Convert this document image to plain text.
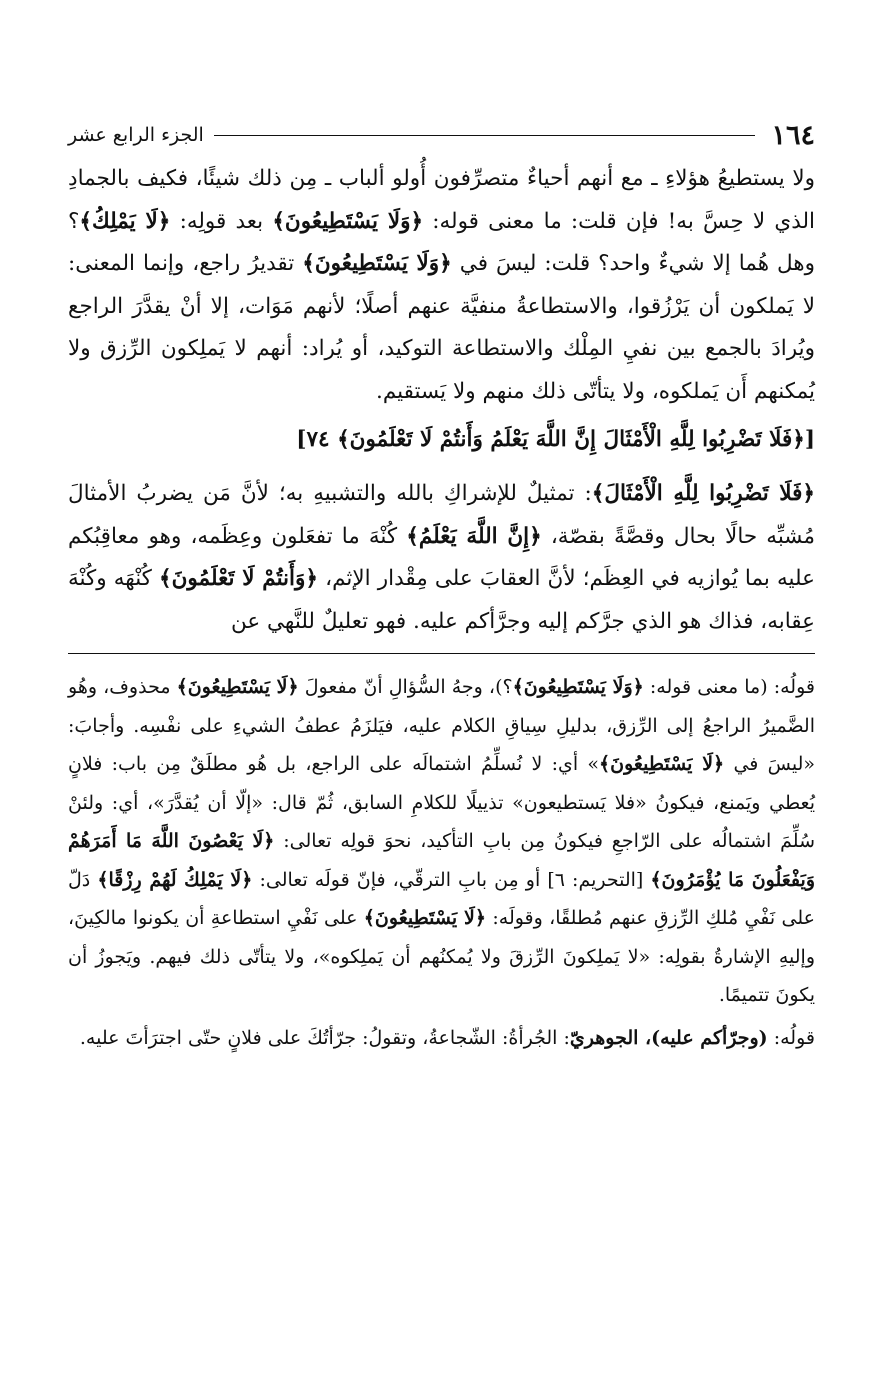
١٦٤
الجزء الرابع عشر

ولا يستطيعُ هؤلاءِ ـ مع أنهم أحياءٌ متصرِّفون أُولو ألباب ـ مِن ذلك شيئًا، فكيف بالجمادِ الذي لا حِسَّ به! فإن قلت: ما معنى قوله: ﴿وَلَا يَسْتَطِيعُونَ﴾ بعد قولِه: ﴿لَا يَمْلِكُ﴾؟ وهل هُما إلا شيءٌ واحد؟ قلت: ليسَ في ﴿وَلَا يَسْتَطِيعُونَ﴾ تقديرُ راجع، وإنما المعنى: لا يَملكون أن يَرْزُقوا، والاستطاعةُ منفيَّة عنهم أصلًا؛ لأنهم مَوَات، إلا أنْ يقدَّرَ الراجع ويُرادَ بالجمع بين نفيِ المِلْك والاستطاعة التوكيد، أو يُراد: أنهم لا يَملِكون الرِّزق ولا يُمكنهم أَن يَملكوه، ولا يتأتّى ذلك منهم ولا يَستقيم.

[﴿فَلَا تَضْرِبُوا لِلَّهِ الْأَمْثَالَ إِنَّ اللَّهَ يَعْلَمُ وَأَنتُمْ لَا تَعْلَمُونَ﴾ ٧٤]

﴿فَلَا تَضْرِبُوا لِلَّهِ الْأَمْثَالَ﴾: تمثيلٌ للإشراكِ بالله والتشبيهِ به؛ لأنَّ مَن يضربُ الأمثالَ مُشبِّه حالًا بحال وقصَّةً بقصّة، ﴿إِنَّ اللَّهَ يَعْلَمُ﴾ كُنْهَ ما تفعَلون وعِظَمه، وهو معاقِبُكم عليه بما يُوازيه في العِظَم؛ لأنَّ العقابَ على مِقْدار الإثم، ﴿وَأَنتُمْ لَا تَعْلَمُونَ﴾ كُنْهَه وكُنْهَ عِقابه، فذاك هو الذي جرَّكم إليه وجرَّأكم عليه. فهو تعليلٌ للنَّهي عن

قولُه: (ما معنى قوله: ﴿وَلَا يَسْتَطِيعُونَ﴾؟)، وجهُ السُّؤالِ أنّ مفعولَ ﴿لَا يَسْتَطِيعُونَ﴾ محذوف، وهُو الضَّميرُ الراجعُ إلى الرِّزق، بدليلِ سِياقِ الكلام عليه، فيَلزَمُ عطفُ الشيءِ على نفْسِه. وأجابَ: «ليسَ في ﴿لَا يَسْتَطِيعُونَ﴾» أي: لا نُسلِّمُ اشتمالَه على الراجع، بل هُو مطلَقٌ مِن باب: فلانٍ يُعطي ويَمنع، فيكونُ «فلا يَستطيعون» تذييلًا للكلامِ السابق، ثُمّ قال: «إلّا أن يُقدَّرَ»، أي: ولئنْ سُلِّمَ اشتمالُه على الرّاجعِ فيكونُ مِن بابِ التأكيد، نحوَ قولِه تعالى: ﴿لَا يَعْصُونَ اللَّهَ مَا أَمَرَهُمْ وَيَفْعَلُونَ مَا يُؤْمَرُونَ﴾ [التحريم: ٦] أو مِن بابِ الترقّي، فإنّ قولَه تعالى: ﴿لَا يَمْلِكُ لَهُمْ رِزْقًا﴾ دَلّ على نَفْيِ مُلكِ الرِّزقِ عنهم مُطلقًا، وقولَه: ﴿لَا يَسْتَطِيعُونَ﴾ على نَفْيِ استطاعةِ أن يكونوا مالكِينَ، وإليهِ الإشارةُ بقولِه: «لا يَملِكونَ الرِّزقَ ولا يُمكنُهم أن يَملِكوه»، ولا يتأتّى ذلك فيهم. ويَجوزُ أن يكونَ تتميمًا.

قولُه: (وجرّأكم عليه)، الجوهريّ: الجُرأةُ: الشّجاعةُ، وتقولُ: جرّأتُكَ على فلانٍ حتّى اجترَأتَ عليه.
